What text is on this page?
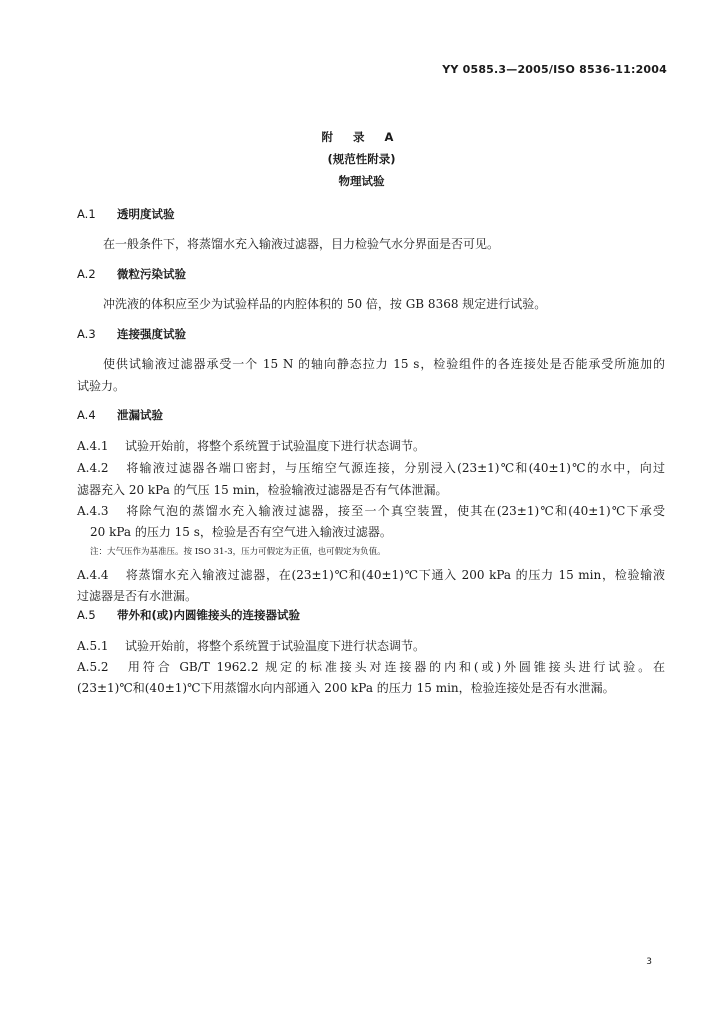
YY 0585.3—2005/ISO 8536-11:2004
附 录 A
(规范性附录)
物理试验
A.1 透明度试验
在一般条件下，将蒸馏水充入输液过滤器，目力检验气水分界面是否可见。
A.2 微粒污染试验
冲洗液的体积应至少为试验样品的内腔体积的 50 倍，按 GB 8368 规定进行试验。
A.3 连接强度试验
使供试输液过滤器承受一个 15 N 的轴向静态拉力 15 s，检验组件的各连接处是否能承受所施加的
试验力。
A.4 泄漏试验
A.4.1 试验开始前，将整个系统置于试验温度下进行状态调节。
A.4.2 将输液过滤器各端口密封，与压缩空气源连接，分别浸入(23±1)℃和(40±1)℃的水中，向过
滤器充入 20 kPa 的气压 15 min，检验输液过滤器是否有气体泄漏。
A.4.3 将除气泡的蒸馏水充入输液过滤器，接至一个真空装置，使其在(23±1)℃和(40±1)℃下承受
20 kPa 的压力 15 s，检验是否有空气进入输液过滤器。
注：大气压作为基准压。按 ISO 31-3，压力可假定为正值，也可假定为负值。
A.4.4 将蒸馏水充入输液过滤器，在(23±1)℃和(40±1)℃下通入 200 kPa 的压力 15 min，检验输液
过滤器是否有水泄漏。
A.5 带外和(或)内圆锥接头的连接器试验
A.5.1 试验开始前，将整个系统置于试验温度下进行状态调节。
A.5.2 用符合 GB/T 1962.2 规定的标准接头对连接器的内和(或)外圆锥接头进行试验。在
(23±1)℃和(40±1)℃下用蒸馏水向内部通入 200 kPa 的压力 15 min，检验连接处是否有水泄漏。
3
